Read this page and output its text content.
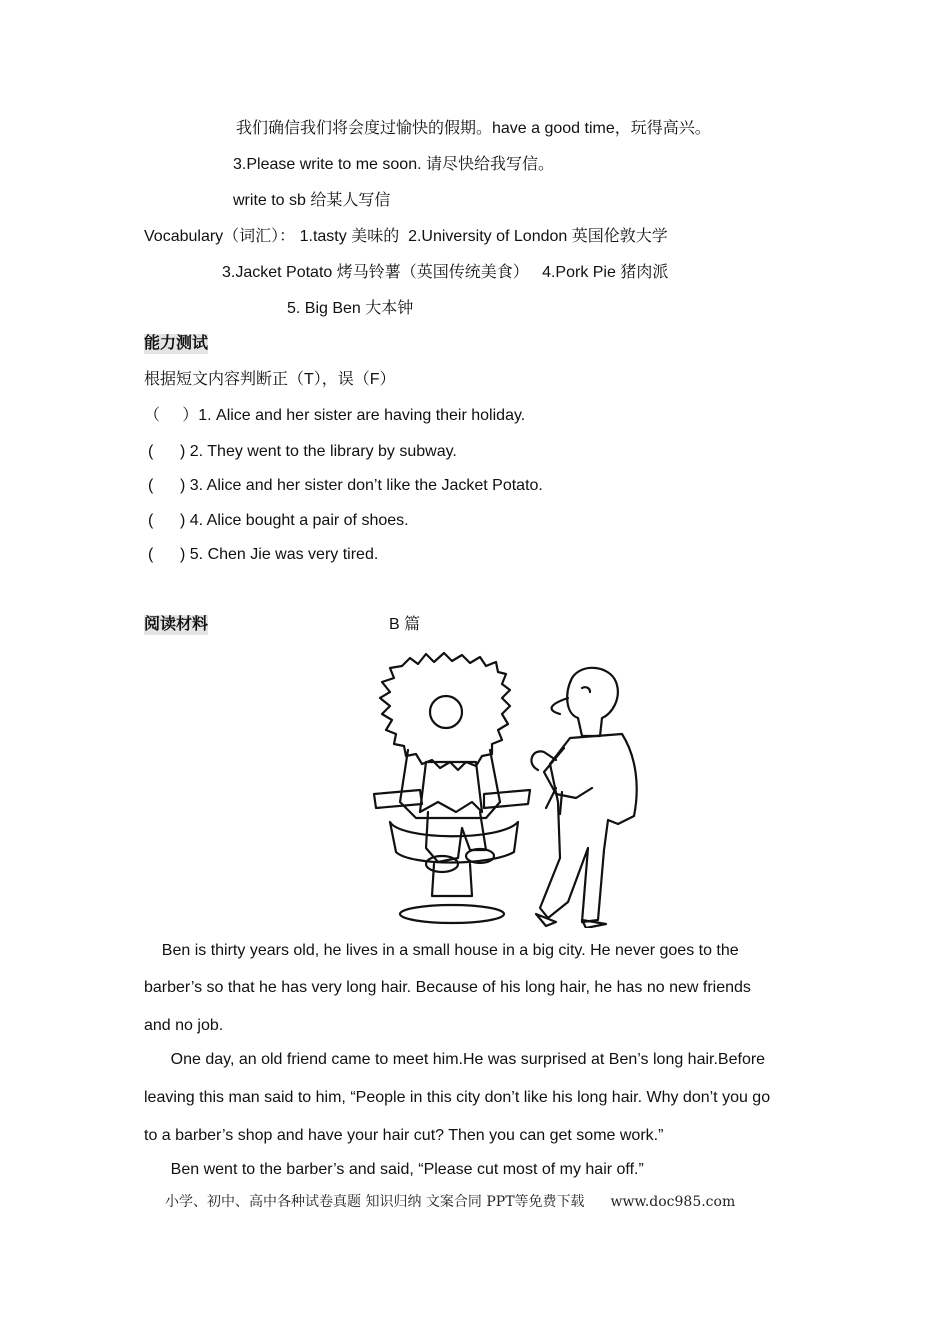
我们确信我们将会度过愉快的假期。have a good time，玩得高兴。
3.Please write to me soon. 请尽快给我写信。
write to sb 给某人写信
Vocabulary（词汇）： 1.tasty 美味的  2.University of London 英国伦敦大学
3.Jacket Potato 烤马铃薯（英国传统美食）   4.Pork Pie 猪肉派
5. Big Ben 大本钟
能力测试
根据短文内容判断正（T），误（F）
（     ）1. Alice and her sister are having their holiday.
(      ) 2. They went to the library by subway.
(      ) 3. Alice and her sister don’t like the Jacket Potato.
(      ) 4. Alice bought a pair of shoes.
(      ) 5. Chen Jie was very tired.
阅读材料	B 篇
Ben is thirty years old, he lives in a small house in a big city. He never goes to the
barber’s so that he has very long hair. Because of his long hair, he has no new friends
and no job.
One day, an old friend came to meet him.He was surprised at Ben’s long hair.Before
leaving this man said to him, “People in this city don’t like his long hair. Why don’t you go
to a barber’s shop and have your hair cut? Then you can get some work.”
Ben went to the barber’s and said, “Please cut most of my hair off.”
小学、初中、高中各种试卷真题 知识归纳 文案合同 PPT等免费下载 www.doc985.com
